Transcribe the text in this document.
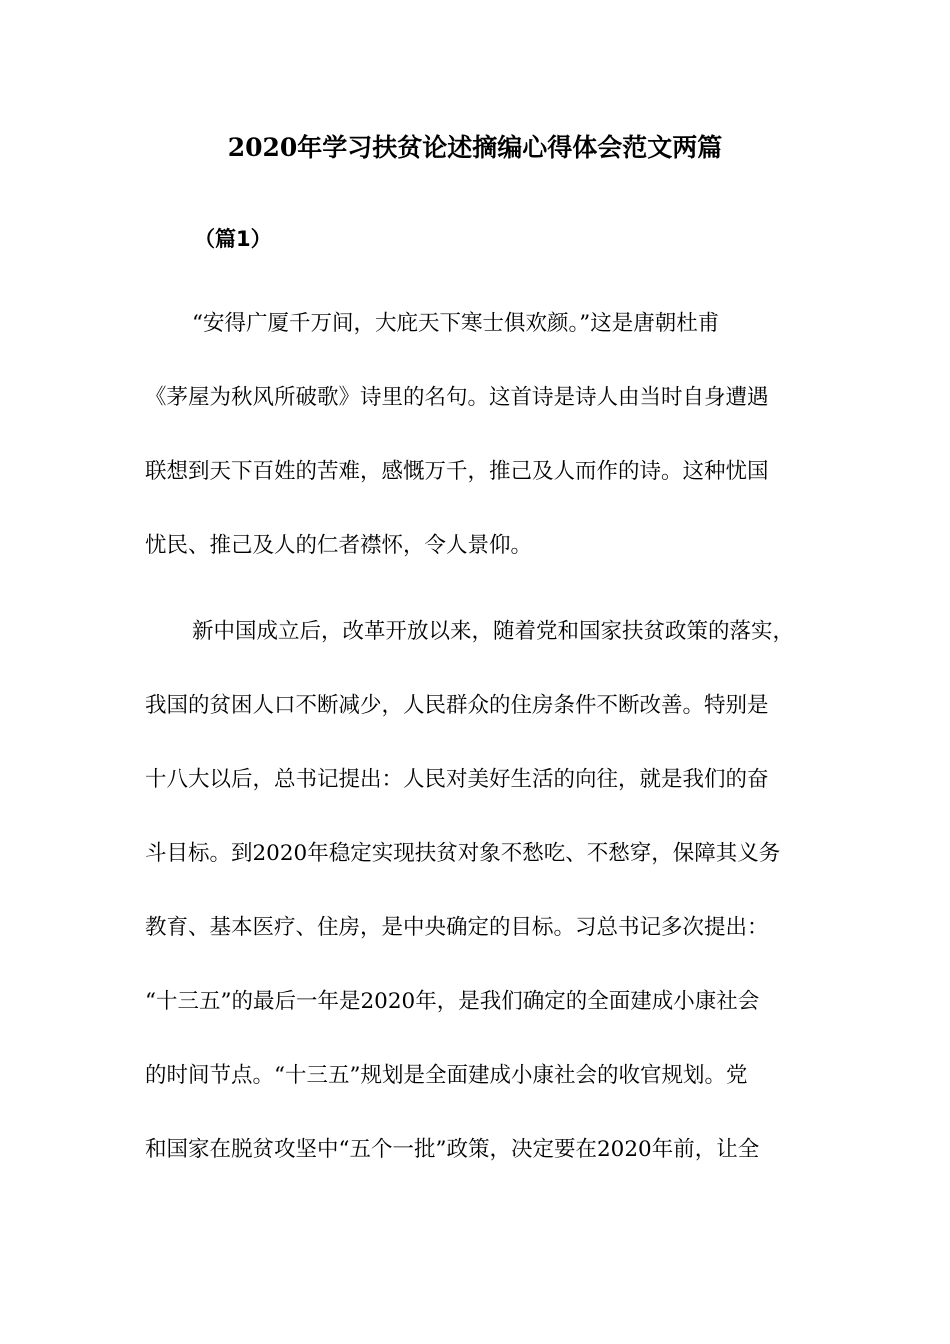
2020年学习扶贫论述摘编心得体会范文两篇

（篇1）

“安得广厦千万间，大庇天下寒士俱欢颜。”这是唐朝杜甫

《茅屋为秋风所破歌》诗里的名句。这首诗是诗人由当时自身遭遇

联想到天下百姓的苦难，感慨万千，推己及人而作的诗。这种忧国

忧民、推己及人的仁者襟怀，令人景仰。

新中国成立后，改革开放以来，随着党和国家扶贫政策的落实，

我国的贫困人口不断减少，人民群众的住房条件不断改善。特别是

十八大以后，总书记提出：人民对美好生活的向往，就是我们的奋

斗目标。到2020年稳定实现扶贫对象不愁吃、不愁穿，保障其义务

教育、基本医疗、住房，是中央确定的目标。习总书记多次提出：

“十三五”的最后一年是2020年，是我们确定的全面建成小康社会

的时间节点。“十三五”规划是全面建成小康社会的收官规划。党

和国家在脱贫攻坚中“五个一批”政策，决定要在2020年前，让全
